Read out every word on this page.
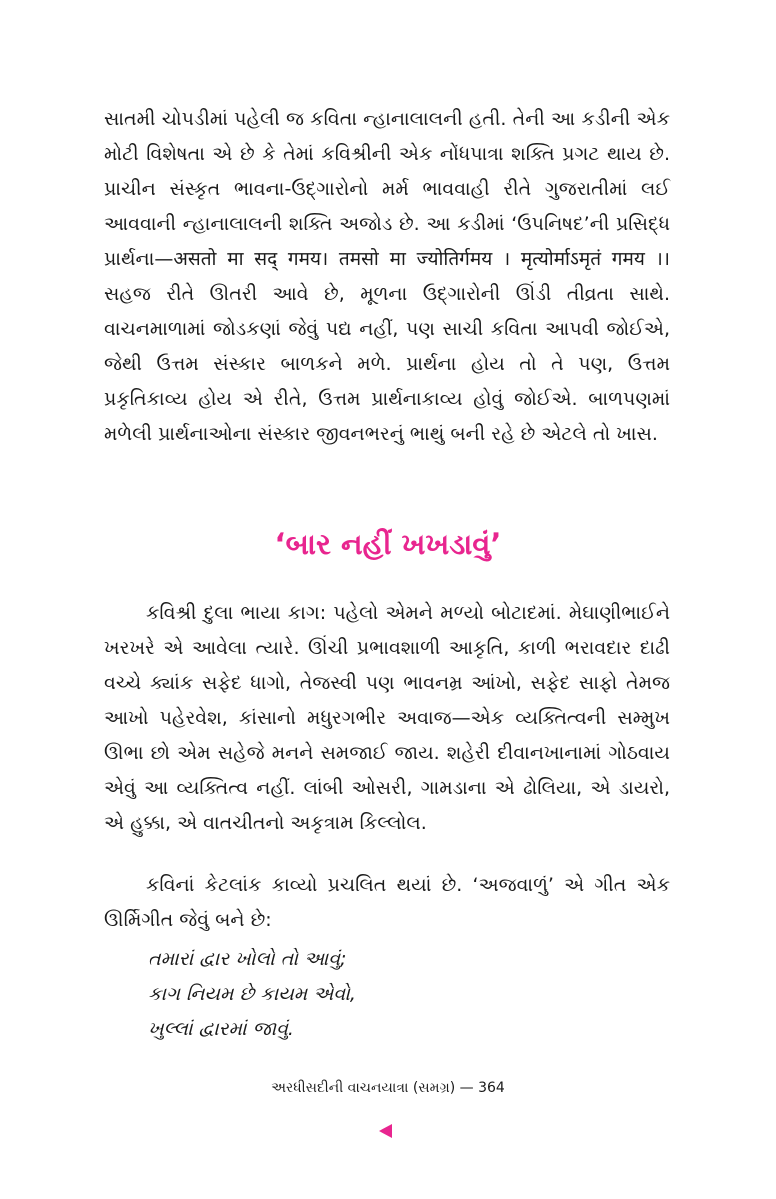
સાતમી ચોપડીમાં પહેલી જ કવિતા ન્હાનાલાલની હતી. તેની આ કડીની એક મોટી વિશેષતા એ છે કે તેમાં કવિશ્રીની એક નોંધપાત્રા શક્તિ પ્રગટ થાય છે. પ્રાચીન સંસ્કૃત ભાવના-ઉદ્ગારોનો મર્મ ભાવવાહી રીતે ગુજરાતીમાં લઈ આવવાની ન્હાનાલાલની શક્તિ અજોડ છે. આ કડીમાં ‘ઉપનિષદ’ની પ્રસિદ્ધ પ્રાર્થના—असतो मा सद् गमय। तमसो मा ज्योतिर्गमय । मृत्योर्माऽमृतं गमय ।। સહજ રીતે ઊતરી આવે છે, મૂળના ઉદ્ગારોની ઊંડી તીવ્રતા સાથે. વાચનમાળામાં જોડકણાં જેવું પદ્ય નહીં, પણ સાચી કવિતા આપવી જોઈએ, જેથી ઉત્તમ સંસ્કાર બાળકને મળે. પ્રાર્થના હોય તો તે પણ, ઉત્તમ પ્રકૃતિકાવ્ય હોય એ રીતે, ઉત્તમ પ્રાર્થનાકાવ્ય હોવું જોઈએ. બાળપણમાં મળેલી પ્રાર્થનાઓના સંસ્કાર જીવનભરનું ભાથું બની રહે છે એટલે તો ખાસ.

‘બાર નહીં ખખડાવું’

કવિશ્રી દુલા ભાયા કાગ: પહેલો એમને મળ્યો બોટાદમાં. મેઘાણીભાઈને ખરખરે એ આવેલા ત્યારે. ઊંચી પ્રભાવશાળી આકૃતિ, કાળી ભરાવદાર દાઢી વચ્ચે ક્યાંક સફેદ ધાગો, તેજસ્વી પણ ભાવનમ્ર આંખો, સફેદ સાફો તેમજ આખો પહેરવેશ, કાંસાનો મધુરગભીર અવાજ—એક વ્યક્તિત્વની સમ્મુખ ઊભા છો એમ સહેજે મનને સમજાઈ જાય. શહેરી દીવાનખાનામાં ગોઠવાય એવું આ વ્યક્તિત્વ નહીં. લાંબી ઓસરી, ગામડાના એ ઢોલિયા, એ ડાયરો, એ હુક્કા, એ વાતચીતનો અકૃત્રામ કિલ્લોલ.

કવિનાં કેટલાંક કાવ્યો પ્રચલિત થયાં છે. ‘અજવાળું’ એ ગીત એક ઊર્મિગીત જેવું બને છે:

તમારાં દ્વાર ખોલો તો આવું;
કાગ નિયમ છે કાયમ એવો,
ખુલ્લાં દ્વારમાં જાવું.
અરધીસદીની વાચનયાત્રા (સમગ્ર) — 364
